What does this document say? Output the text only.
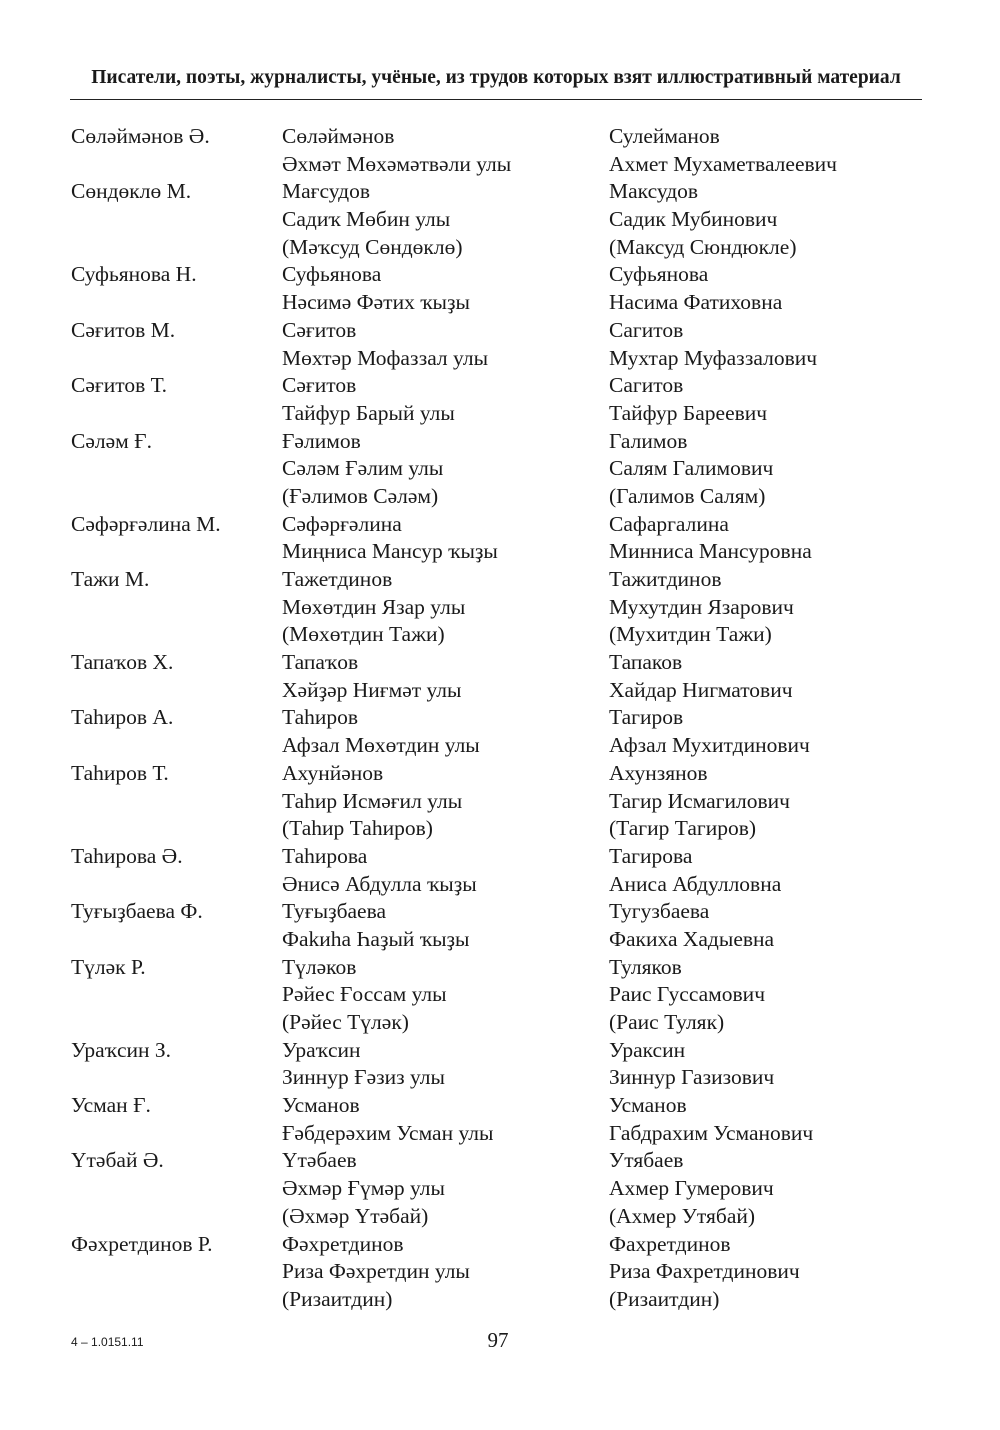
Писатели, поэты, журналисты, учёные, из трудов которых взят иллюстративный материал
Сөләймәнов Ә.	Сөләймәнов	Сулейманов
Әхмәт Мөхәмәтвәли улы	Ахмет Мухаметвалеевич
Сөндөклө М.	Мағсудов	Максудов
Садиҡ Мөбин улы	Садик Мубинович
(Мәҡсуд Сөндөклө)	(Максуд Сюндюкле)
Суфьянова Н.	Суфьянова	Суфьянова
Нәсимә Фәтих ҡыҙы	Насима Фатиховна
Сәғитов М.	Сәғитов	Сагитов
Мөхтәр Мофаззал улы	Мухтар Муфаззалович
Сәғитов Т.	Сәғитов	Сагитов
Тайфур Барый улы	Тайфур Бареевич
Сәләм Ғ.	Ғәлимов	Галимов
Сәләм Ғәлим улы	Салям Галимович
(Ғәлимов Сәләм)	(Галимов Салям)
Сәфәрғәлина М.	Сәфәрғәлина	Сафаргалина
Миңниса Мансур ҡыҙы	Минниса Мансуровна
Тажи М.	Тажетдинов	Тажитдинов
Мөхөтдин Язар улы	Мухутдин Язарович
(Мөхөтдин Тажи)	(Мухитдин Тажи)
Тапаҡов Х.	Тапаҡов	Тапаков
Хәйҙәр Ниғмәт улы	Хайдар Нигматович
Таһиров А.	Таһиров	Тагиров
Афзал Мөхөтдин улы	Афзал Мухитдинович
Таһиров Т.	Ахунйәнов	Ахунзянов
Таһир Исмәғил улы	Тагир Исмагилович
(Таһир Таһиров)	(Тагир Тагиров)
Таһирова Ә.	Таһирова	Тагирова
Әнисә Абдулла ҡыҙы	Аниса Абдулловна
Туғыҙбаева Ф.	Туғыҙбаева	Тугузбаева
Фakиһа Һаҙый ҡыҙы	Факиха Хадыевна
Түләк Р.	Түләков	Туляков
Рәйес Ғоссам улы	Раис Гуссамович
(Рәйес Түләк)	(Раис Туляк)
Ураҡсин З.	Ураҡсин	Ураксин
Зиннур Ғәзиз улы	Зиннур Газизович
Усман Ғ.	Усманов	Усманов
Ғәбдерәхим Усман улы	Габдрахим Усманович
Үтәбай Ә.	Үтәбаев	Утябаев
Әхмәр Ғүмәр улы	Ахмер Гумерович
(Әхмәр Үтәбай)	(Ахмер Утябай)
Фәхретдинов Р.	Фәхретдинов	Фахретдинов
Риза Фәхретдин улы	Риза Фахретдинович
(Ризаитдин)	(Ризаитдин)
4 – 1.0151.11	97
